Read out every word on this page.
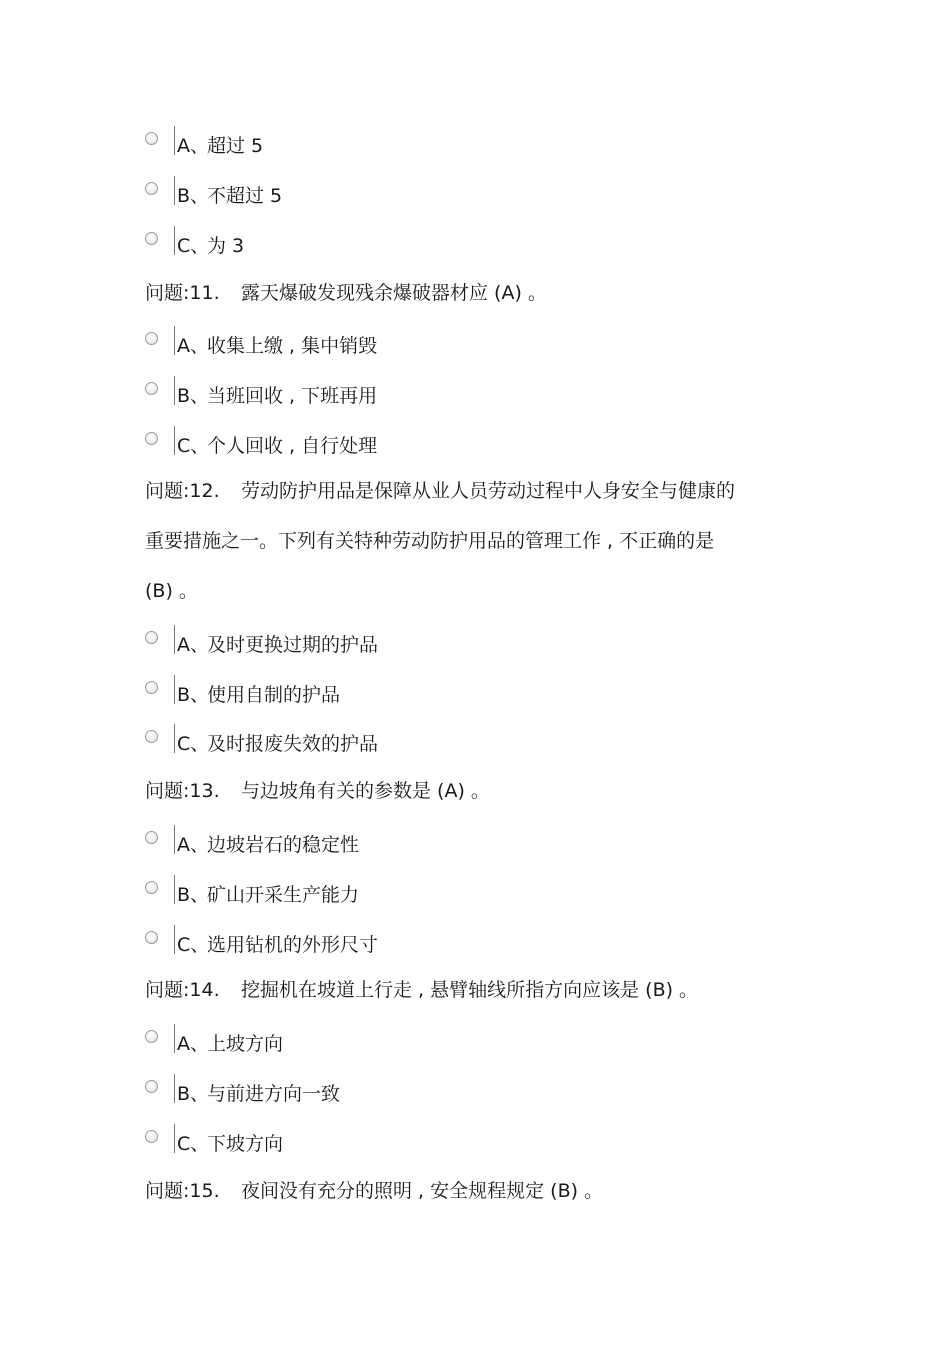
A、超过 5
B、不超过 5
C、为 3
问题:11. 露天爆破发现残余爆破器材应 (A) 。
A、收集上缴 , 集中销毁
B、当班回收 , 下班再用
C、个人回收 , 自行处理
问题:12. 劳动防护用品是保障从业人员劳动过程中人身安全与健康的
重要措施之一。下列有关特种劳动防护用品的管理工作 , 不正确的是
(B) 。
A、及时更换过期的护品
B、使用自制的护品
C、及时报废失效的护品
问题:13. 与边坡角有关的参数是 (A) 。
A、边坡岩石的稳定性
B、矿山开采生产能力
C、选用钻机的外形尺寸
问题:14. 挖掘机在坡道上行走 , 悬臂轴线所指方向应该是 (B) 。
A、上坡方向
B、与前进方向一致
C、下坡方向
问题:15. 夜间没有充分的照明 , 安全规程规定 (B) 。
